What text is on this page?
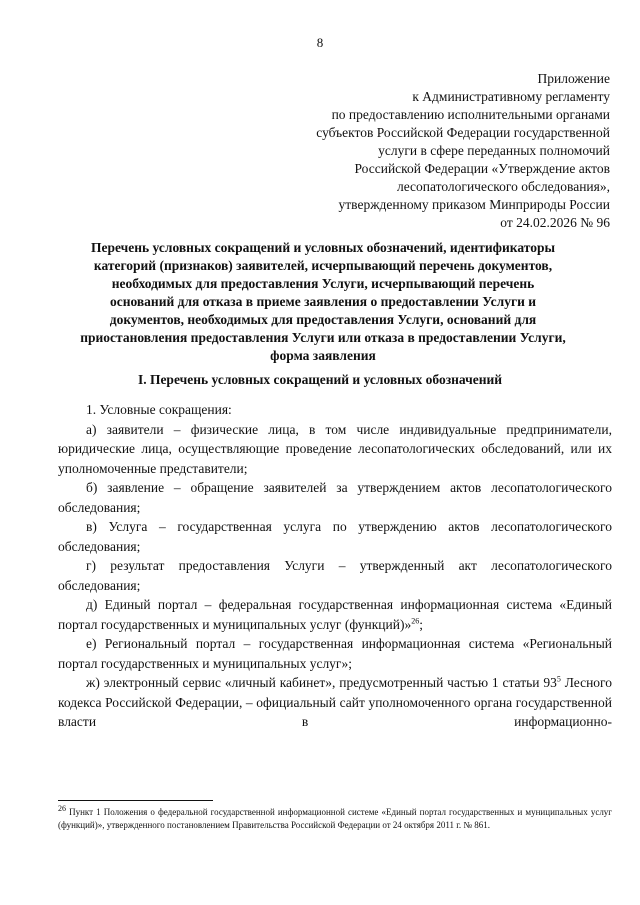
8
Приложение
к Административному регламенту
по предоставлению исполнительными органами
субъектов Российской Федерации государственной
услуги в сфере переданных полномочий
Российской Федерации «Утверждение актов
лесопатологического обследования»,
утвержденному приказом Минприроды России
от 24.02.2026 № 96
Перечень условных сокращений и условных обозначений, идентификаторы
категорий (признаков) заявителей, исчерпывающий перечень документов,
необходимых для предоставления Услуги, исчерпывающий перечень
оснований для отказа в приеме заявления о предоставлении Услуги и
документов, необходимых для предоставления Услуги, оснований для
приостановления предоставления Услуги или отказа в предоставлении Услуги,
форма заявления
I. Перечень условных сокращений и условных обозначений

1. Условные сокращения:

а) заявители – физические лица, в том числе индивидуальные предприниматели, юридические лица, осуществляющие проведение лесопатологических обследований, или их уполномоченные представители;

б) заявление – обращение заявителей за утверждением актов лесопатологического обследования;

в) Услуга – государственная услуга по утверждению актов лесопатологического обследования;

г) результат предоставления Услуги – утвержденный акт лесопатологического обследования;

д) Единый портал – федеральная государственная информационная система «Единый портал государственных и муниципальных услуг (функций)»$^{26}$;

е) Региональный портал – государственная информационная система «Региональный портал государственных и муниципальных услуг»;

ж) электронный сервис «личный кабинет», предусмотренный частью 1 статьи $93^5$ Лесного кодекса Российской Федерации, – официальный сайт уполномоченного органа государственной власти в информационно-

$^{26}$ Пункт 1 Положения о федеральной государственной информационной системе «Единый портал государственных и муниципальных услуг (функций)», утвержденного постановлением Правительства Российской Федерации от 24 октября 2011 г. № 861.
